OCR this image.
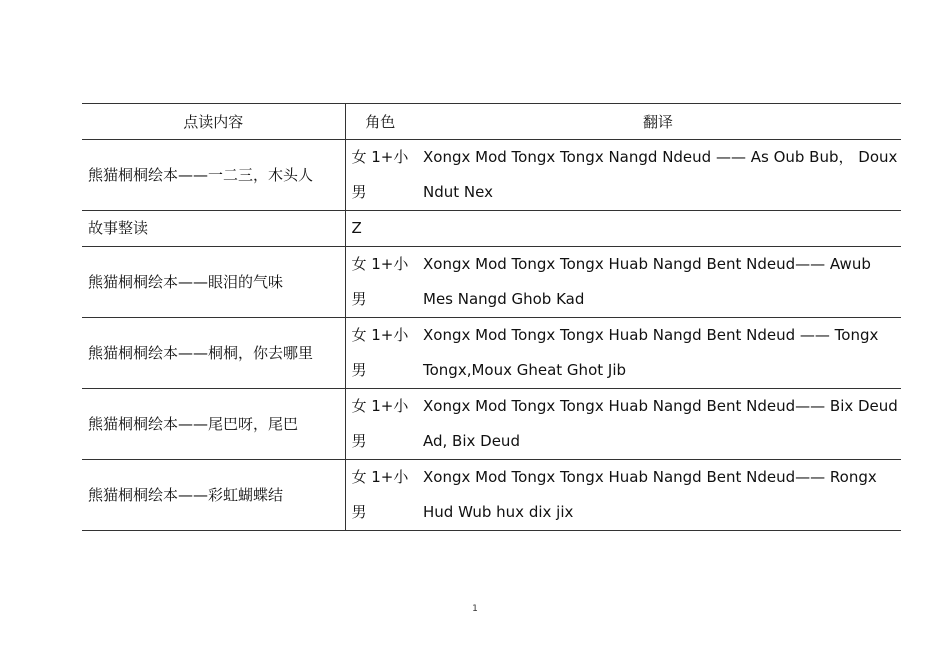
点读内容	角色	翻译
熊猫桐桐绘本——一二三，木头人	女 1+小男	Xongx Mod Tongx Tongx Nangd Ndeud —— As Oub Bub， Doux Ndut Nex
故事整读	Z	
熊猫桐桐绘本——眼泪的气味	女 1+小男	Xongx Mod Tongx Tongx Huab Nangd Bent Ndeud—— Awub Mes Nangd Ghob Kad
熊猫桐桐绘本——桐桐，你去哪里	女 1+小男	Xongx Mod Tongx Tongx Huab Nangd Bent Ndeud —— Tongx Tongx,Moux Gheat Ghot Jib
熊猫桐桐绘本——尾巴呀，尾巴	女 1+小男	Xongx Mod Tongx Tongx Huab Nangd Bent Ndeud—— Bix Deud Ad, Bix Deud
熊猫桐桐绘本——彩虹蝴蝶结	女 1+小男	Xongx Mod Tongx Tongx Huab Nangd Bent Ndeud—— Rongx Hud Wub hux dix jix
1
